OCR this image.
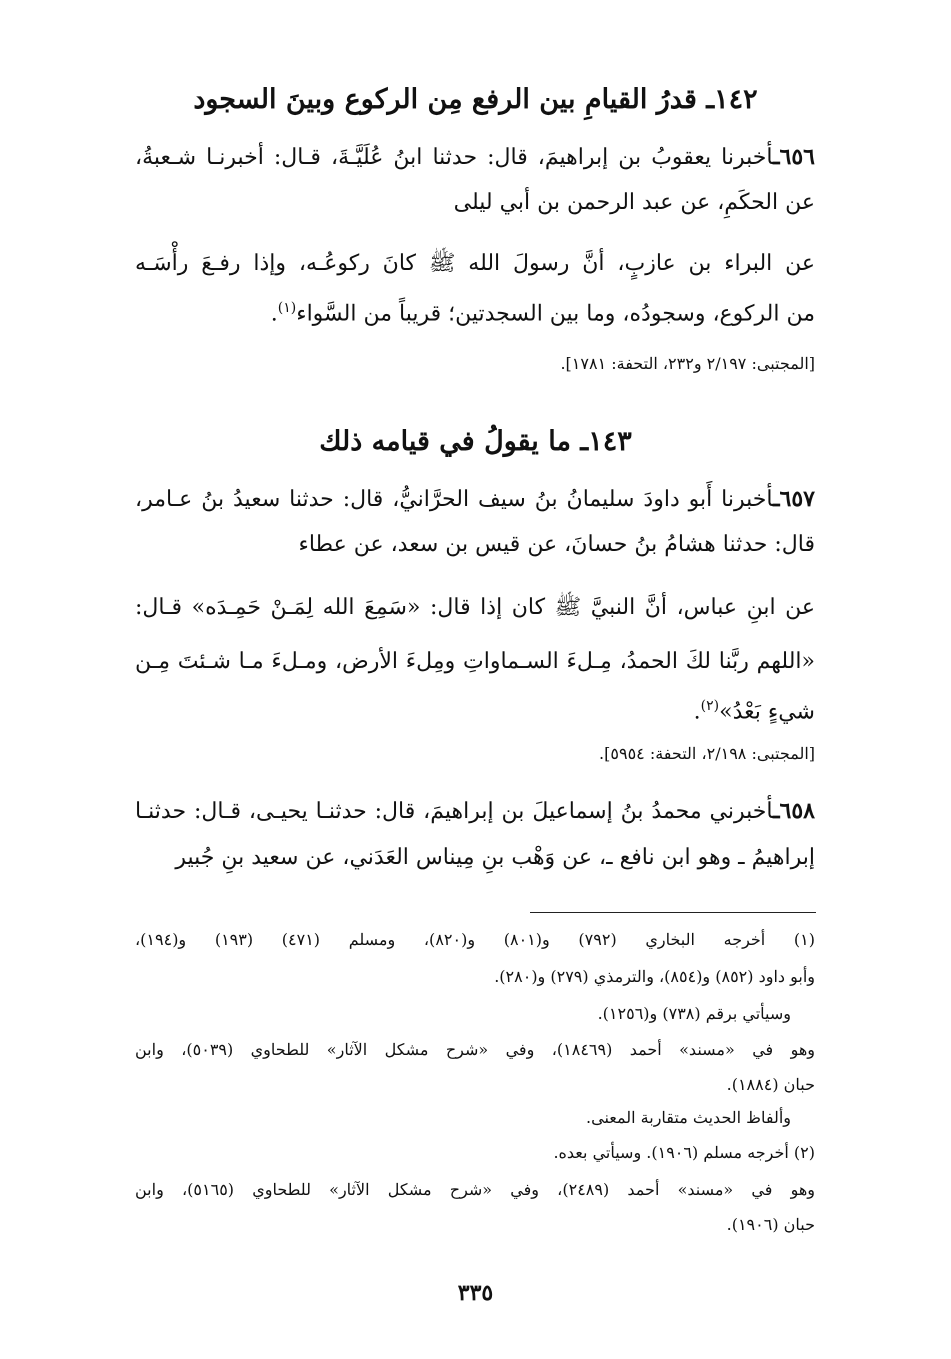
١٤٢ـ قدرُ القيامِ بين الرفع مِن الركوع وبينَ السجود
٦٥٦ـأخبرنا يعقوبُ بن إبراهيمَ، قال: حدثنا ابنُ عُلَيَّـةَ، قـال: أخبرنـا شـعبةُ،
عن الحكَمِ، عن عبد الرحمن بن أبي ليلى
عن البراء بن عازبٍ، أنَّ رسولَ الله ﷺ كانَ ركوعُـه، وإذا رفـعَ رأْسَـه
من الركوع، وسجودُه، وما بين السجدتين؛ قريباً من السَّواء$^{(١)}$.
[المجتبى: ٢/١٩٧ و٢٣٢، التحفة: ١٧٨١].
١٤٣ـ ما يقولُ في قيامه ذلك
٦٥٧ـأخبرنا أَبو داودَ سليمانُ بنُ سيف الحرَّانيُّ، قال: حدثنا سعيدُ بنُ عـامر،
قال: حدثنا هشامُ بنُ حسانَ، عن قيس بن سعد، عن عطاء
عن ابنِ عباس، أنَّ النبيَّ ﷺ كان إذا قال: «سَمِعَ الله لِمَـنْ حَمِـدَه» قـال:
«اللهم ربَّنا لكَ الحمدُ، مِـلءَ السـماواتِ ومِلءَ الأرض، ومـلءَ مـا شـئتَ مِـن
شيءٍ بَعْدُ»$^{(٢)}$.
[المجتبى: ٢/١٩٨، التحفة: ٥٩٥٤].
٦٥٨ـأخبرني محمدُ بنُ إسماعيلَ بن إبراهيمَ، قال: حدثنـا يحيـى، قـال: حدثنـا
إبراهيمُ ـ وهو ابن نافع ـ، عن وَهْب بنِ مِيناس العَدَني، عن سعيد بنِ جُبير
(١) أخرجه البخاري (٧٩٢) و(٨٠١) و(٨٢٠)، ومسلم (٤٧١) (١٩٣) و(١٩٤)،
وأبو داود (٨٥٢) و(٨٥٤)، والترمذي (٢٧٩) و(٢٨٠).
وسيأتي برقم (٧٣٨) و(١٢٥٦).
وهو في «مسند» أحمد (١٨٤٦٩)، وفي «شرح مشكل الآثار» للطحاوي (٥٠٣٩)، وابن
حبان (١٨٨٤).
وألفاظ الحديث متقاربة المعنى.
(٢) أخرجه مسلم (١٩٠٦). وسيأتي بعده.
وهو في «مسند» أحمد (٢٤٨٩)، وفي «شرح مشكل الآثار» للطحاوي (٥١٦٥)، وابن
حبان (١٩٠٦).
٣٣٥
